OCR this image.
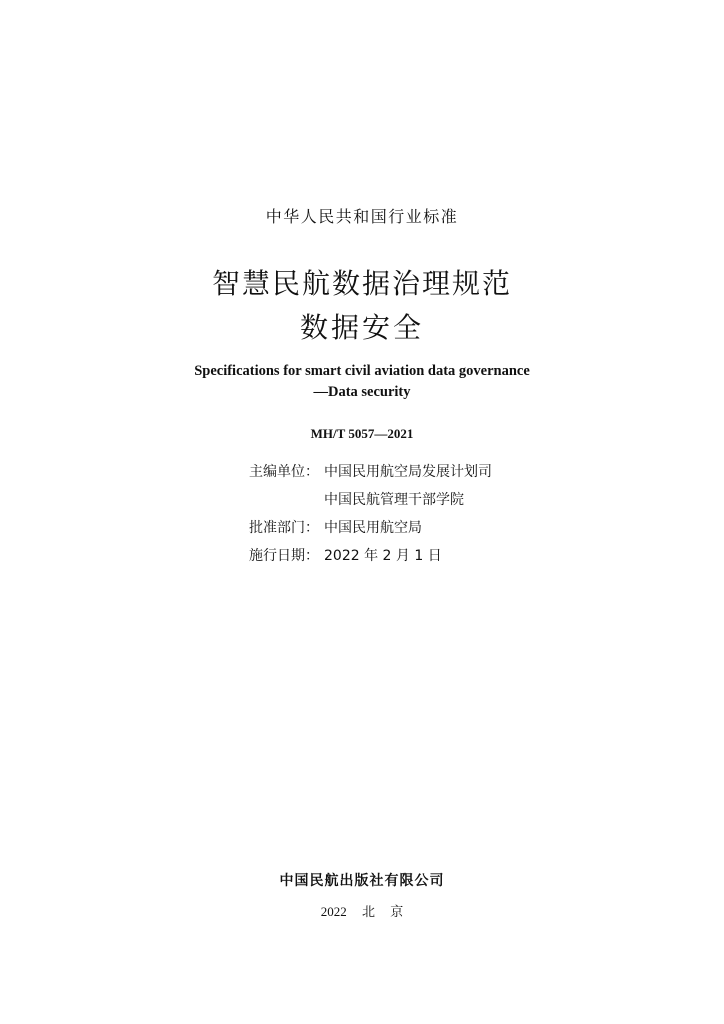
中华人民共和国行业标准
智慧民航数据治理规范
数据安全
Specifications for smart civil aviation data governance
—Data security
MH/T 5057—2021
主编单位： 中国民用航空局发展计划司
中国民航管理干部学院
批准部门： 中国民用航空局
施行日期： 2022 年 2 月 1 日
中国民航出版社有限公司
2022 北 京
